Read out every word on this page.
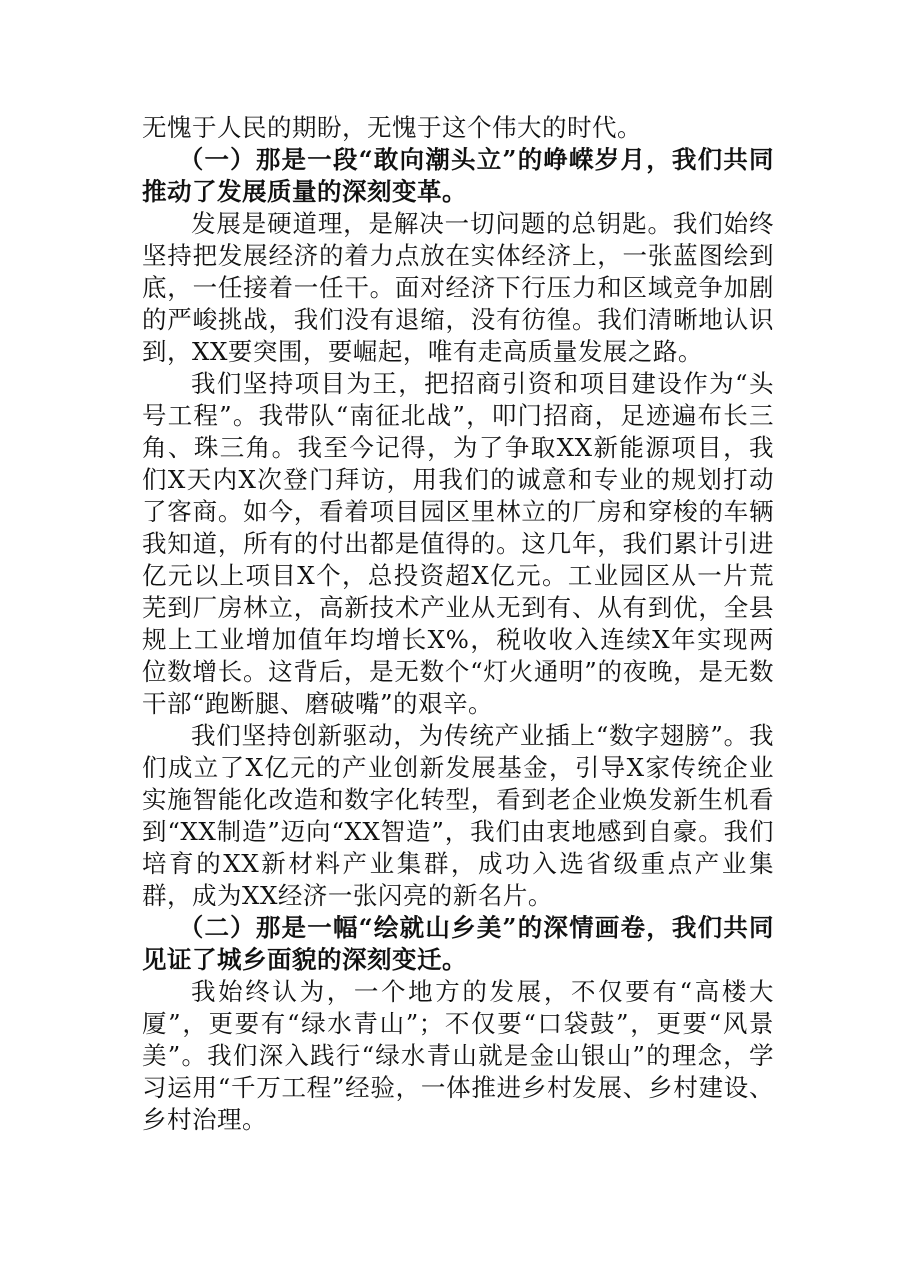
无愧于人民的期盼，无愧于这个伟大的时代。

（一）那是一段“敢向潮头立”的峥嵘岁月，我们共同推动了发展质量的深刻变革。

发展是硬道理，是解决一切问题的总钥匙。我们始终坚持把发展经济的着力点放在实体经济上，一张蓝图绘到底，一任接着一任干。面对经济下行压力和区域竞争加剧的严峻挑战，我们没有退缩，没有彷徨。我们清晰地认识到，XX要突围，要崛起，唯有走高质量发展之路。

我们坚持项目为王，把招商引资和项目建设作为“头号工程”。我带队“南征北战”，叩门招商，足迹遍布长三角、珠三角。我至今记得，为了争取XX新能源项目，我们X天内X次登门拜访，用我们的诚意和专业的规划打动了客商。如今，看着项目园区里林立的厂房和穿梭的车辆我知道，所有的付出都是值得的。这几年，我们累计引进亿元以上项目X个，总投资超X亿元。工业园区从一片荒芜到厂房林立，高新技术产业从无到有、从有到优，全县规上工业增加值年均增长X%，税收收入连续X年实现两位数增长。这背后，是无数个“灯火通明”的夜晚，是无数干部“跑断腿、磨破嘴”的艰辛。

我们坚持创新驱动，为传统产业插上“数字翅膀”。我们成立了X亿元的产业创新发展基金，引导X家传统企业实施智能化改造和数字化转型，看到老企业焕发新生机看到“XX制造”迈向“XX智造”，我们由衷地感到自豪。我们培育的XX新材料产业集群，成功入选省级重点产业集群，成为XX经济一张闪亮的新名片。

（二）那是一幅“绘就山乡美”的深情画卷，我们共同见证了城乡面貌的深刻变迁。

我始终认为，一个地方的发展，不仅要有“高楼大厦”，更要有“绿水青山”；不仅要“口袋鼓”，更要“风景美”。我们深入践行“绿水青山就是金山银山”的理念，学习运用“千万工程”经验，一体推进乡村发展、乡村建设、乡村治理。
